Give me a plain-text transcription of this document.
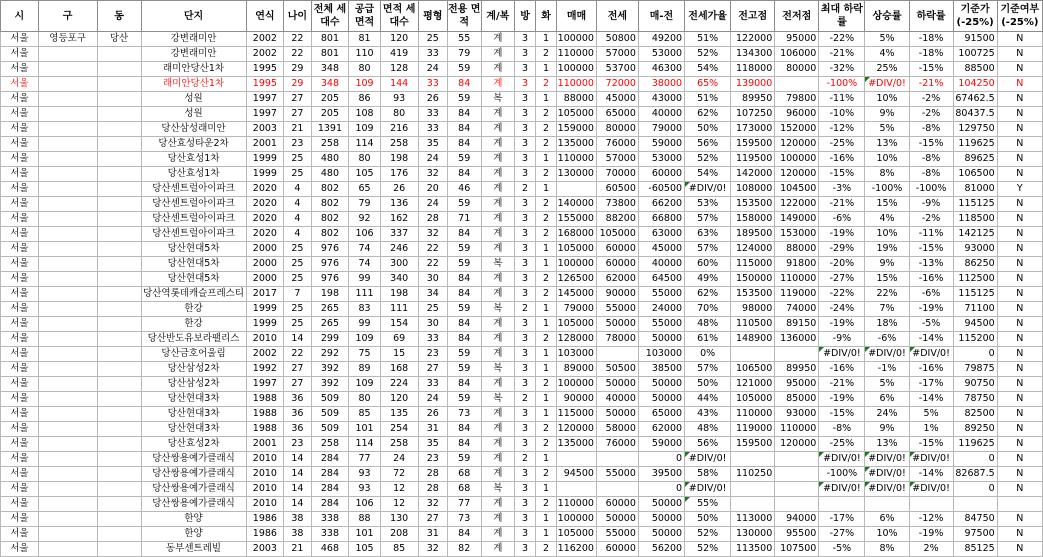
시	구	동	단지	연식	나이	전체 세대수	공급 면적	면적 세대수	평형	전용 면적	계/복	방	화	매매	전세	매-전	전세가율	전고점	전저점	최대 하락률	상승률	하락률	기준가 (-25%)	기준여부 (-25%)
서울	영등포구	당산	강변래미안	2002	22	801	81	120	25	55	계	3	1	100000	50800	49200	51%	122000	95000	-22%	5%	-18%	91500	N
서울			강변래미안	2002	22	801	110	419	33	79	계	3	2	110000	57000	53000	52%	134300	106000	-21%	4%	-18%	100725	N
서울			래미안당산1차	1995	29	348	80	128	24	59	계	3	1	100000	53700	46300	54%	118000	80000	-32%	25%	-15%	88500	N
서울			래미안당산1차	1995	29	348	109	144	33	84	계	3	2	110000	72000	38000	65%	139000		-100%	#DIV/0!	-21%	104250	N
서울			성원	1997	27	205	86	93	26	59	복	3	1	88000	45000	43000	51%	89950	79800	-11%	10%	-2%	67462.5	N
서울			성원	1997	27	205	108	80	33	84	계	3	2	105000	65000	40000	62%	107250	96000	-10%	9%	-2%	80437.5	N
서울			당산삼성래미안	2003	21	1391	109	216	33	84	계	3	2	159000	80000	79000	50%	173000	152000	-12%	5%	-8%	129750	N
서울			당산효성타운2차	2001	23	258	114	258	35	84	계	3	2	135000	76000	59000	56%	159500	120000	-25%	13%	-15%	119625	N
서울			당산효성1차	1999	25	480	80	198	24	59	계	3	1	110000	57000	53000	52%	119500	100000	-16%	10%	-8%	89625	N
서울			당산효성1차	1999	25	480	105	176	32	84	계	3	2	130000	70000	60000	54%	142000	120000	-15%	8%	-8%	106500	N
서울			당산센트럴아이파크	2020	4	802	65	26	20	46	계	2	1		60500	-60500	#DIV/0!	108000	104500	-3%	-100%	-100%	81000	Y
서울			당산센트럴아이파크	2020	4	802	79	136	24	59	계	3	2	140000	73800	66200	53%	153500	122000	-21%	15%	-9%	115125	N
서울			당산센트럴아이파크	2020	4	802	92	162	28	71	계	3	2	155000	88200	66800	57%	158000	149000	-6%	4%	-2%	118500	N
서울			당산센트럴아이파크	2020	4	802	106	337	32	84	계	3	2	168000	105000	63000	63%	189500	153000	-19%	10%	-11%	142125	N
서울			당산현대5차	2000	25	976	74	246	22	59	계	3	1	105000	60000	45000	57%	124000	88000	-29%	19%	-15%	93000	N
서울			당산현대5차	2000	25	976	74	300	22	59	복	3	1	100000	60000	40000	60%	115000	91800	-20%	9%	-13%	86250	N
서울			당산현대5차	2000	25	976	99	340	30	84	계	3	2	126500	62000	64500	49%	150000	110000	-27%	15%	-16%	112500	N
서울			당산역롯데캐슬프레스티	2017	7	198	111	198	34	84	계	3	2	145000	90000	55000	62%	153500	119000	-22%	22%	-6%	115125	N
서울			한강	1999	25	265	83	111	25	59	복	2	1	79000	55000	24000	70%	98000	74000	-24%	7%	-19%	71100	N
서울			한강	1999	25	265	99	154	30	84	계	3	1	105000	50000	55000	48%	110500	89150	-19%	18%	-5%	94500	N
서울			당산반도유보라팰리스	2010	14	299	109	69	33	84	계	3	2	128000	78000	50000	61%	148900	136000	-9%	-6%	-14%	115200	N
서울			당산금호어울림	2002	22	292	75	15	23	59	계	3	1	103000		103000	0%			#DIV/0!	#DIV/0!	#DIV/0!	0	N
서울			당산삼성2차	1992	27	392	89	168	27	59	복	3	1	89000	50500	38500	57%	106500	89950	-16%	-1%	-16%	79875	N
서울			당산삼성2차	1997	27	392	109	224	33	84	계	3	2	100000	50000	50000	50%	121000	95000	-21%	5%	-17%	90750	N
서울			당산현대3차	1988	36	509	80	120	24	59	복	2	1	90000	40000	50000	44%	105000	85000	-19%	6%	-14%	78750	N
서울			당산현대3차	1988	36	509	85	135	26	73	계	3	1	115000	50000	65000	43%	110000	93000	-15%	24%	5%	82500	N
서울			당산현대3차	1988	36	509	101	254	31	84	계	3	2	120000	58000	62000	48%	119000	110000	-8%	9%	1%	89250	N
서울			당산효성2차	2001	23	258	114	258	35	84	계	3	2	135000	76000	59000	56%	159500	120000	-25%	13%	-15%	119625	N
서울			당산쌍용예가클래식	2010	14	284	77	24	23	59	계	2	1			0	#DIV/0!			#DIV/0!	#DIV/0!	#DIV/0!	0	N
서울			당산쌍용예가클래식	2010	14	284	93	72	28	68	계	3	2	94500	55000	39500	58%	110250		-100%	#DIV/0!	-14%	82687.5	N
서울			당산쌍용예가클래식	2010	14	284	93	12	28	68	복	3	1			0	#DIV/0!			#DIV/0!	#DIV/0!	#DIV/0!	0	N
서울			당산쌍용예가클래식	2010	14	284	106	12	32	77	계	3	2	110000	60000	50000	55%							
서울			한양	1986	38	338	88	130	27	73	계	3	1	100000	50000	50000	50%	113000	94000	-17%	6%	-12%	84750	N
서울			한양	1986	38	338	101	208	31	84	계	3	1	105000	55000	50000	52%	130000	95500	-27%	10%	-19%	97500	N
서울			동부센트레빌	2003	21	468	105	85	32	82	계	3	2	116200	60000	56200	52%	113500	107500	-5%	8%	2%	85125	N
